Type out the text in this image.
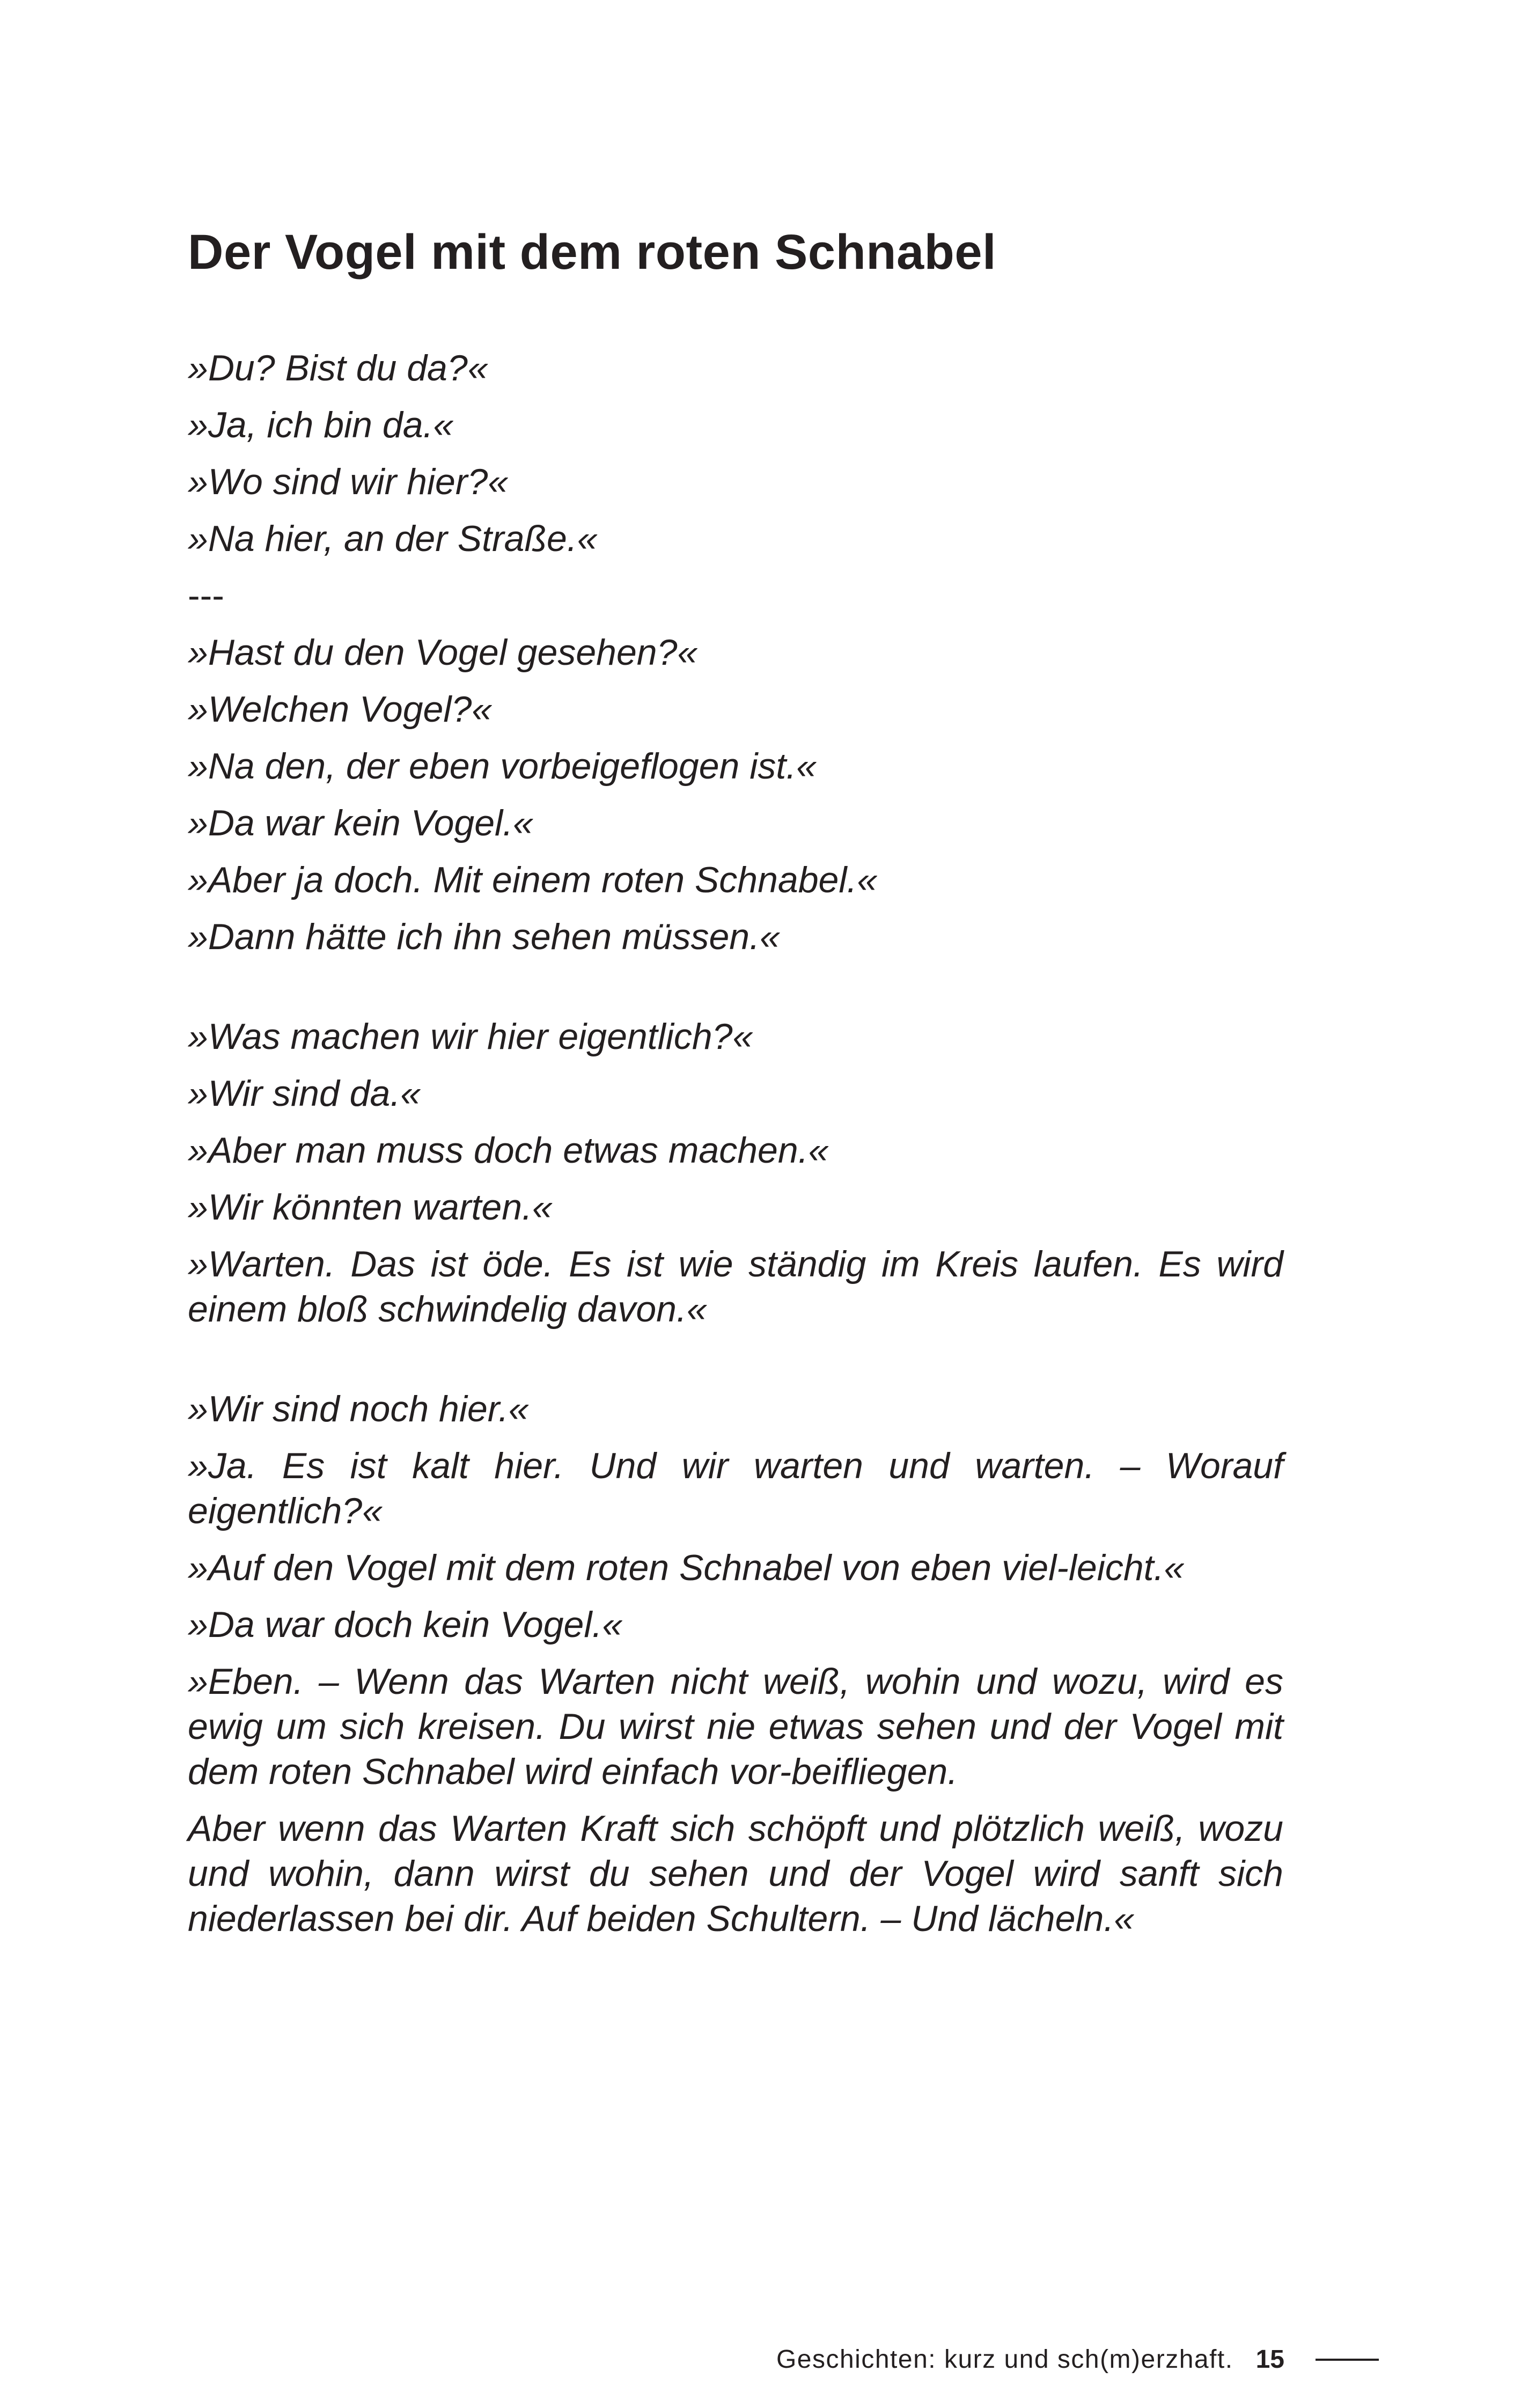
Der Vogel mit dem roten Schnabel

»Du? Bist du da?«

»Ja, ich bin da.«

»Wo sind wir hier?«

»Na hier, an der Straße.«

---

»Hast du den Vogel gesehen?«

»Welchen Vogel?«

»Na den, der eben vorbeigeflogen ist.«

»Da war kein Vogel.«

»Aber ja doch. Mit einem roten Schnabel.«

»Dann hätte ich ihn sehen müssen.«

»Was machen wir hier eigentlich?«

»Wir sind da.«

»Aber man muss doch etwas machen.«

»Wir könnten warten.«

»Warten. Das ist öde. Es ist wie ständig im Kreis laufen. Es wird einem bloß schwindelig davon.«

»Wir sind noch hier.«

»Ja. Es ist kalt hier. Und wir warten und warten. – Worauf eigentlich?«

»Auf den Vogel mit dem roten Schnabel von eben viel-leicht.«

»Da war doch kein Vogel.«

»Eben. – Wenn das Warten nicht weiß, wohin und wozu, wird es ewig um sich kreisen. Du wirst nie etwas sehen und der Vogel mit dem roten Schnabel wird einfach vor-beifliegen.

Aber wenn das Warten Kraft sich schöpft und plötzlich weiß, wozu und wohin, dann wirst du sehen und der Vogel wird sanft sich niederlassen bei dir. Auf beiden Schultern. – Und lächeln.«

Geschichten: kurz und sch(m)erzhaft. 15
